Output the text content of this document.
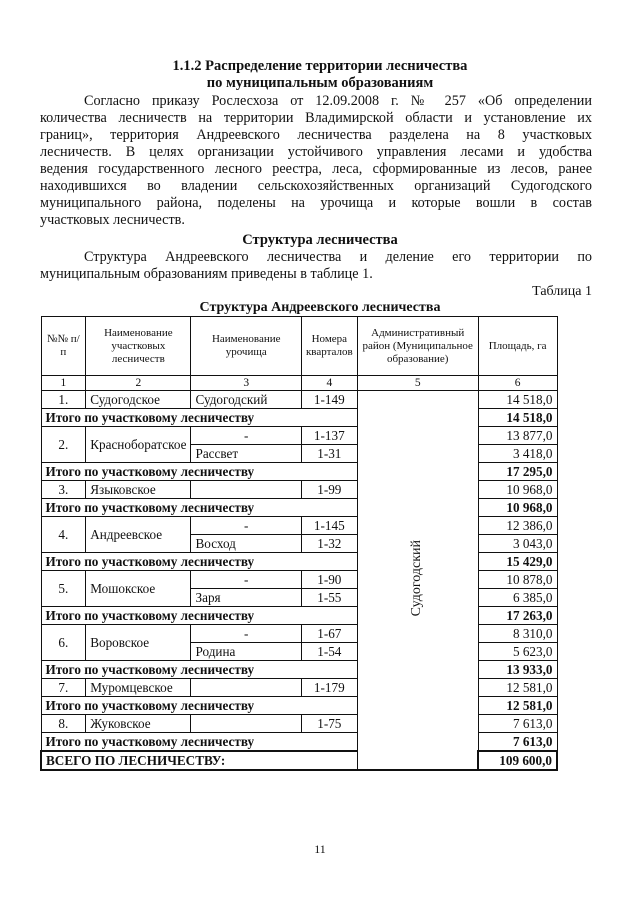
1.1.2 Распределение территории лесничества
по муниципальным образованиям
Согласно приказу Рослесхоза от 12.09.2008 г. № 257 «Об определении
количества лесничеств на территории Владимирской области и установление их
границ», территория Андреевского лесничества разделена на 8 участковых
лесничеств. В целях организации устойчивого управления лесами и удобства
ведения государственного лесного реестра, леса, сформированные из лесов, ранее
находившихся во владении сельскохозяйственных организаций Судогодского
муниципального района, поделены на урочища и которые вошли в состав
участковых лесничеств.
Структура лесничества
Структура Андреевского лесничества и деление его территории по
муниципальным образованиям приведены в таблице 1.
Таблица 1
Структура Андреевского лесничества
№№ п/п	Наименование участковых лесничеств	Наименование урочища	Номера кварталов	Административный район (Муниципальное образование)	Площадь, га
1	2	3	4	5	6
1.	Судогодское	Судогодский	1-149	Судогодский	14 518,0
Итого по участковому лесничеству					14 518,0
2.	Красноборатское	-	1-137		13 877,0
		Рассвет	1-31		3 418,0
Итого по участковому лесничеству					17 295,0
3.	Языковское		1-99		10 968,0
Итого по участковому лесничеству					10 968,0
4.	Андреевское	-	1-145		12 386,0
		Восход	1-32		3 043,0
Итого по участковому лесничеству					15 429,0
5.	Мошокское	-	1-90		10 878,0
		Заря	1-55		6 385,0
Итого по участковому лесничеству					17 263,0
6.	Воровское	-	1-67		8 310,0
		Родина	1-54		5 623,0
Итого по участковому лесничеству					13 933,0
7.	Муромцевское		1-179		12 581,0
Итого по участковому лесничеству					12 581,0
8.	Жуковское		1-75		7 613,0
Итого по участковому лесничеству					7 613,0
ВСЕГО ПО ЛЕСНИЧЕСТВУ:					109 600,0
11
